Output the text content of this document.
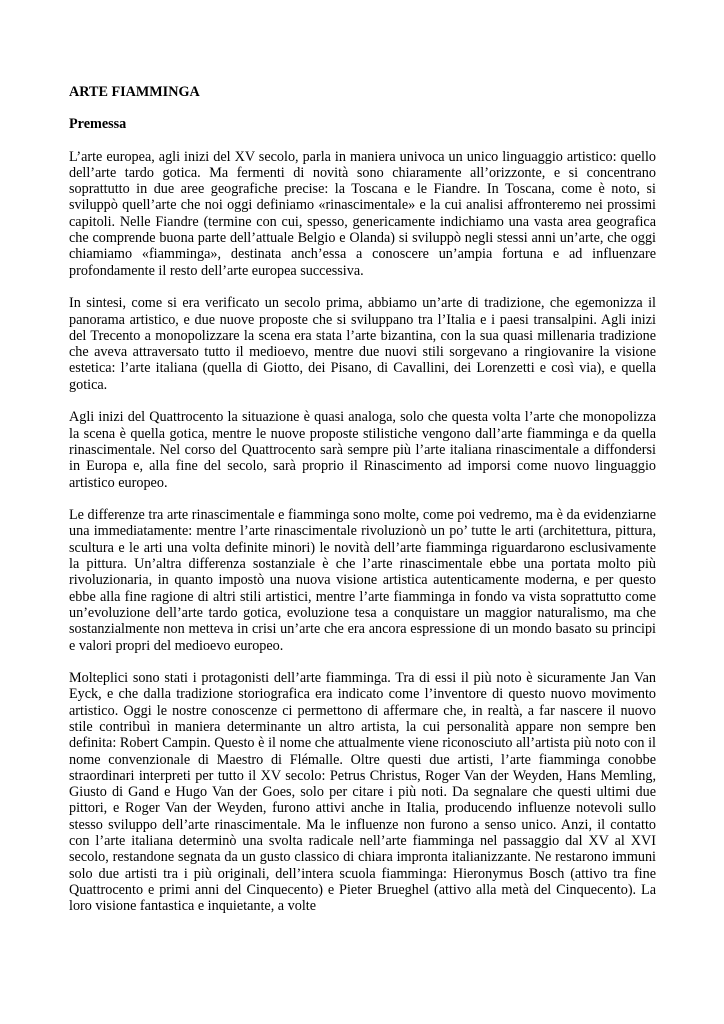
ARTE FIAMMINGA
Premessa

L’arte europea, agli inizi del XV secolo, parla in maniera univoca un unico linguaggio artistico: quello dell’arte tardo gotica. Ma fermenti di novità sono chiaramente all’orizzonte, e si concentrano soprattutto in due aree geografiche precise: la Toscana e le Fiandre. In Toscana, come è noto, si sviluppò quell’arte che noi oggi definiamo «rinascimentale» e la cui analisi affronteremo nei prossimi capitoli. Nelle Fiandre (termine con cui, spesso, genericamente indichiamo una vasta area geografica che comprende buona parte dell’attuale Belgio e Olanda) si sviluppò negli stessi anni un’arte, che oggi chiamiamo «fiamminga», destinata anch’essa a conoscere un’ampia fortuna e ad influenzare profondamente il resto dell’arte europea successiva.

In sintesi, come si era verificato un secolo prima, abbiamo un’arte di tradizione, che egemonizza il panorama artistico, e due nuove proposte che si sviluppano tra l’Italia e i paesi transalpini. Agli inizi del Trecento a monopolizzare la scena era stata l’arte bizantina, con la sua quasi millenaria tradizione che aveva attraversato tutto il medioevo, mentre due nuovi stili sorgevano a ringiovanire la visione estetica: l’arte italiana (quella di Giotto, dei Pisano, di Cavallini, dei Lorenzetti e così via), e quella gotica.

Agli inizi del Quattrocento la situazione è quasi analoga, solo che questa volta l’arte che monopolizza la scena è quella gotica, mentre le nuove proposte stilistiche vengono dall’arte fiamminga e da quella rinascimentale. Nel corso del Quattrocento sarà sempre più l’arte italiana rinascimentale a diffondersi in Europa e, alla fine del secolo, sarà proprio il Rinascimento ad imporsi come nuovo linguaggio artistico europeo.

Le differenze tra arte rinascimentale e fiamminga sono molte, come poi vedremo, ma è da evidenziarne una immediatamente: mentre l’arte rinascimentale rivoluzionò un po’ tutte le arti (architettura, pittura, scultura e le arti una volta definite minori) le novità dell’arte fiamminga riguardarono esclusivamente la pittura. Un’altra differenza sostanziale è che l’arte rinascimentale ebbe una portata molto più rivoluzionaria, in quanto impostò una nuova visione artistica autenticamente moderna, e per questo ebbe alla fine ragione di altri stili artistici, mentre l’arte fiamminga in fondo va vista soprattutto come un’evoluzione dell’arte tardo gotica, evoluzione tesa a conquistare un maggior naturalismo, ma che sostanzialmente non metteva in crisi un’arte che era ancora espressione di un mondo basato su principi e valori propri del medioevo europeo.

Molteplici sono stati i protagonisti dell’arte fiamminga. Tra di essi il più noto è sicuramente Jan Van Eyck, e che dalla tradizione storiografica era indicato come l’inventore di questo nuovo movimento artistico. Oggi le nostre conoscenze ci permettono di affermare che, in realtà, a far nascere il nuovo stile contribuì in maniera determinante un altro artista, la cui personalità appare non sempre ben definita: Robert Campin. Questo è il nome che attualmente viene riconosciuto all’artista più noto con il nome convenzionale di Maestro di Flémalle. Oltre questi due artisti, l’arte fiamminga conobbe straordinari interpreti per tutto il XV secolo: Petrus Christus, Roger Van der Weyden, Hans Memling, Giusto di Gand e Hugo Van der Goes, solo per citare i più noti. Da segnalare che questi ultimi due pittori, e Roger Van der Weyden, furono attivi anche in Italia, producendo influenze notevoli sullo stesso sviluppo dell’arte rinascimentale. Ma le influenze non furono a senso unico. Anzi, il contatto con l’arte italiana determinò una svolta radicale nell’arte fiamminga nel passaggio dal XV al XVI secolo, restandone segnata da un gusto classico di chiara impronta italianizzante. Ne restarono immuni solo due artisti tra i più originali, dell’intera scuola fiamminga: Hieronymus Bosch (attivo tra fine Quattrocento e primi anni del Cinquecento) e Pieter Brueghel (attivo alla metà del Cinquecento). La loro visione fantastica e inquietante, a volte
